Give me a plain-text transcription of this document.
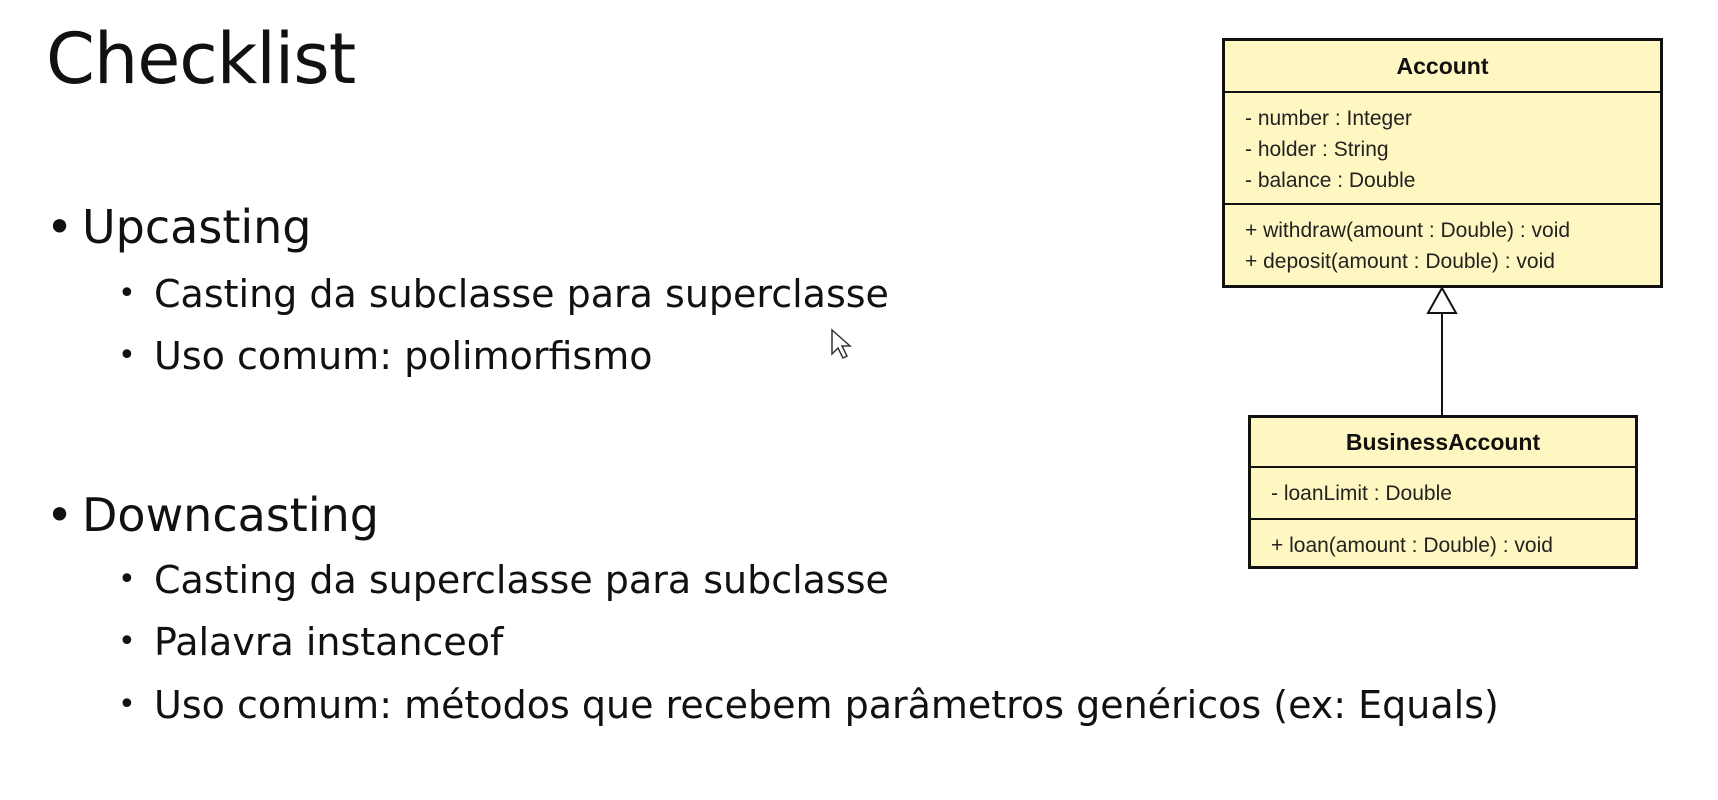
Checklist
• Upcasting
• Casting da subclasse para superclasse
• Uso comum: polimorfismo
• Downcasting
• Casting da superclasse para subclasse
• Palavra instanceof
• Uso comum: métodos que recebem parâmetros genéricos (ex: Equals)
Account
- number : Integer
- holder : String
- balance : Double
+ withdraw(amount : Double) : void
+ deposit(amount : Double) : void
BusinessAccount
- loanLimit : Double
+ loan(amount : Double) : void
